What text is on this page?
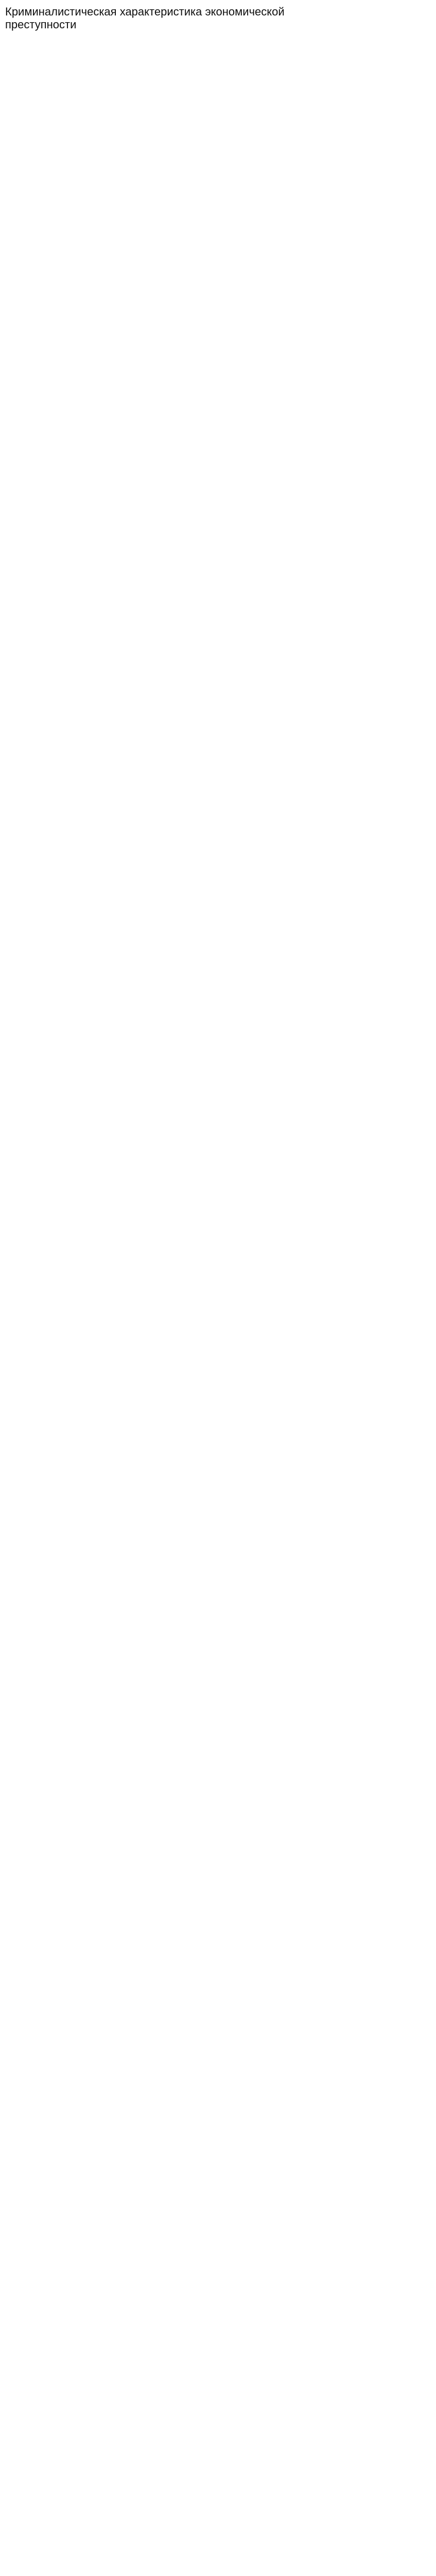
Криминалистическая характеристика экономической преступности
